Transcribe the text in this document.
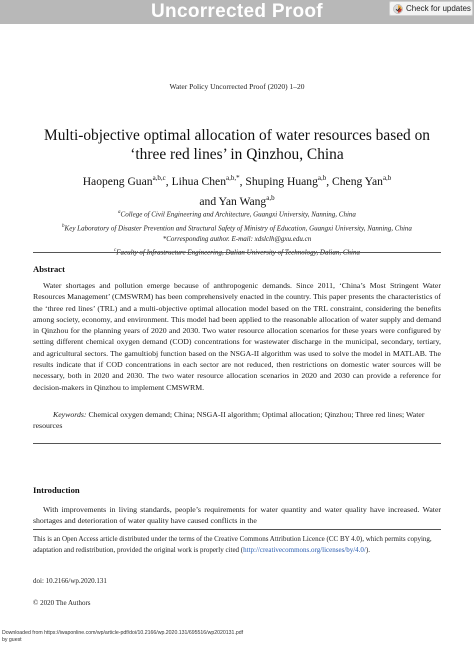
Uncorrected Proof	Check for updates
Water Policy Uncorrected Proof (2020) 1–20
Multi-objective optimal allocation of water resources based on
‘three red lines’ in Qinzhou, China
Haopeng Guan$^{a,b,c}$, Lihua Chen$^{a,b,*}$, Shuping Huang$^{a,b}$, Cheng Yan$^{a,b}$
and Yan Wang$^{a,b}$
$^a$College of Civil Engineering and Architecture, Guangxi University, Nanning, China
$^b$Key Laboratory of Disaster Prevention and Structural Safety of Ministry of Education, Guangxi University, Nanning, China
*Corresponding author. E-mail: xdslclh@gxu.edu.cn
$^c$Faculty of Infrastructure Engineering, Dalian University of Technology, Dalian, China
Abstract

Water shortages and pollution emerge because of anthropogenic demands. Since 2011, ‘China’s Most Stringent Water Resources Management’ (CMSWRM) has been comprehensively enacted in the country. This paper presents the characteristics of the ‘three red lines’ (TRL) and a multi-objective optimal allocation model based on the TRL constraint, considering the benefits among society, economy, and environment. This model had been applied to the reasonable allocation of water supply and demand in Qinzhou for the planning years of 2020 and 2030. Two water resource allocation scenarios for these years were configured by setting different chemical oxygen demand (COD) concentrations for wastewater discharge in the municipal, secondary, tertiary, and agricultural sectors. The gamultiobj function based on the NSGA-II algorithm was used to solve the model in MATLAB. The results indicate that if COD concentrations in each sector are not reduced, then restrictions on domestic water sources will be necessary, both in 2020 and 2030. The two water resource allocation scenarios in 2020 and 2030 can provide a reference for decision-makers in Qinzhou to implement CMSWRM.

Keywords: Chemical oxygen demand; China; NSGA-II algorithm; Optimal allocation; Qinzhou; Three red lines; Water resources
Introduction

With improvements in living standards, people’s requirements for water quantity and water quality have increased. Water shortages and deterioration of water quality have caused conflicts in the

This is an Open Access article distributed under the terms of the Creative Commons Attribution Licence (CC BY 4.0), which permits copying, adaptation and redistribution, provided the original work is properly cited (http://creativecommons.org/licenses/by/4.0/).
doi: 10.2166/wp.2020.131
© 2020 The Authors
Downloaded from https://iwaponline.com/wp/article-pdf/doi/10.2166/wp.2020.131/695516/wp2020131.pdf
by guest
